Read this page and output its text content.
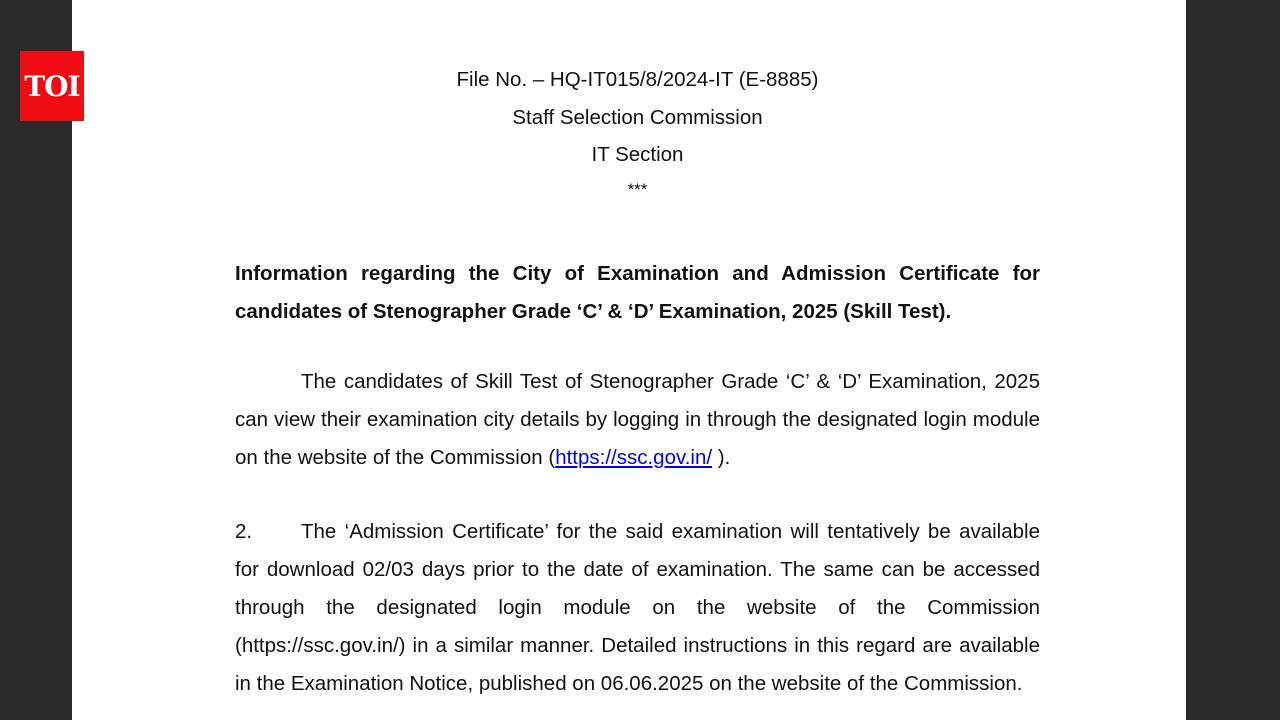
TOI	File No. – HQ-IT015/8/2024-IT (E-8885)
Staff Selection Commission
IT Section
***
Information regarding the City of Examination and Admission Certificate for candidates of Stenographer Grade ‘C’ & ‘D’ Examination, 2025 (Skill Test).
The candidates of Skill Test of Stenographer Grade ‘C’ & ‘D’ Examination, 2025 can view their examination city details by logging in through the designated login module on the website of the Commission (https://ssc.gov.in/ ).
2. The ‘Admission Certificate’ for the said examination will tentatively be available for download 02/03 days prior to the date of examination. The same can be accessed through the designated login module on the website of the Commission (https://ssc.gov.in/) in a similar manner. Detailed instructions in this regard are available in the Examination Notice, published on 06.06.2025 on the website of the Commission.
